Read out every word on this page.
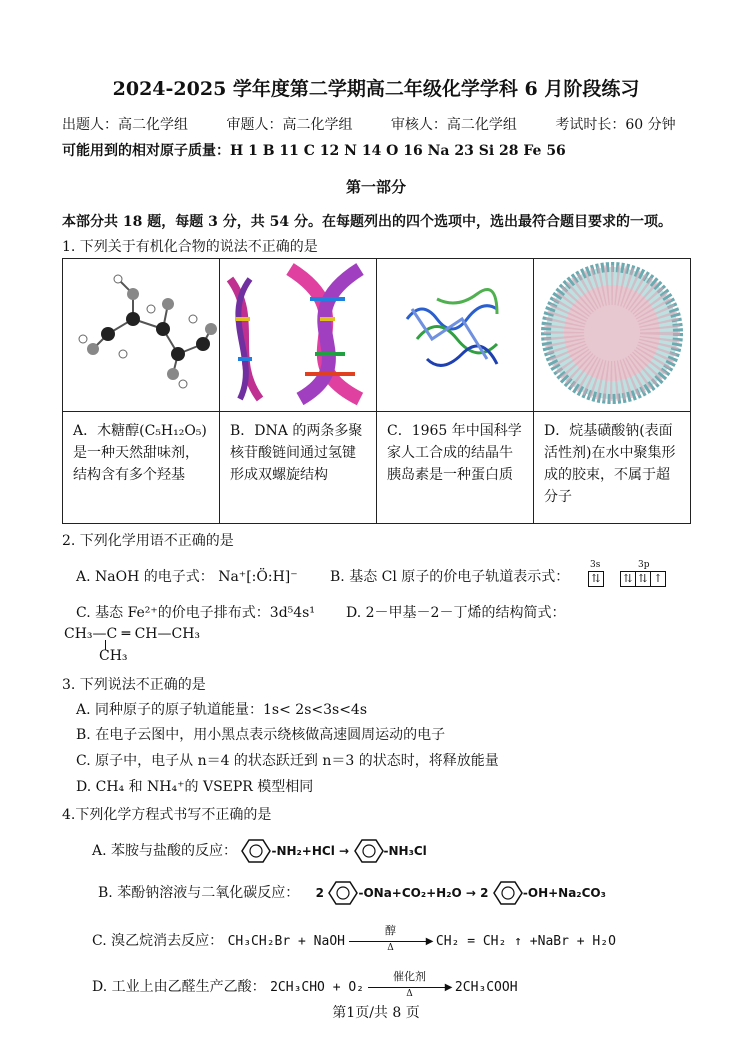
2024-2025 学年度第二学期高二年级化学学科 6 月阶段练习
出题人：高二化学组	审题人：高二化学组	审核人：高二化学组	考试时长：60 分钟
可能用到的相对原子质量：H 1 B 11 C 12 N 14 O 16 Na 23 Si 28 Fe 56
第一部分
本部分共 18 题，每题 3 分，共 54 分。在每题列出的四个选项中，选出最符合题目要求的一项。
1. 下列关于有机化合物的说法不正确的是

A．木糖醇(C₅H₁₂O₅)是一种天然甜味剂，结构含有多个羟基	B．DNA 的两条多聚核苷酸链间通过氢键形成双螺旋结构	C．1965 年中国科学家人工合成的结晶牛胰岛素是一种蛋白质	D．烷基磺酸钠(表面活性剂)在水中聚集形成的胶束，不属于超分子
2. 下列化学用语不正确的是
A. NaOH 的电子式： Na⁺[:Ö:H]⁻ B. 基态 Cl 原子的价电子轨道表示式：
3s
⇅
3p
⇅ ⇅ ↑
C. 基态 Fe²⁺的价电子排布式：3d⁵4s¹ D. 2－甲基－2－丁烯的结构简式：
CH₃—C ═ CH—CH₃
CH₃
3. 下列说法不正确的是
A. 同种原子的原子轨道能量：1s< 2s<3s<4s
B. 在电子云图中，用小黑点表示绕核做高速圆周运动的电子
C. 原子中，电子从 n＝4 的状态跃迁到 n＝3 的状态时，将释放能量
D. CH₄ 和 NH₄⁺的 VSEPR 模型相同
4.下列化学方程式书写不正确的是
A. 苯胺与盐酸的反应：	-NH₂+HCl →	-NH₃Cl
B. 苯酚钠溶液与二氧化碳反应： 2	-ONa+CO₂+H₂O → 2	-OH+Na₂CO₃
C. 溴乙烷消去反应： CH₃CH₂Br + NaOH
醇
▶
Δ	CH₂ = CH₂ ↑ +NaBr + H₂O
D. 工业上由乙醛生产乙酸： 2CH₃CHO + O₂
催化剂
▶
Δ	2CH₃COOH
第1页/共 8 页
